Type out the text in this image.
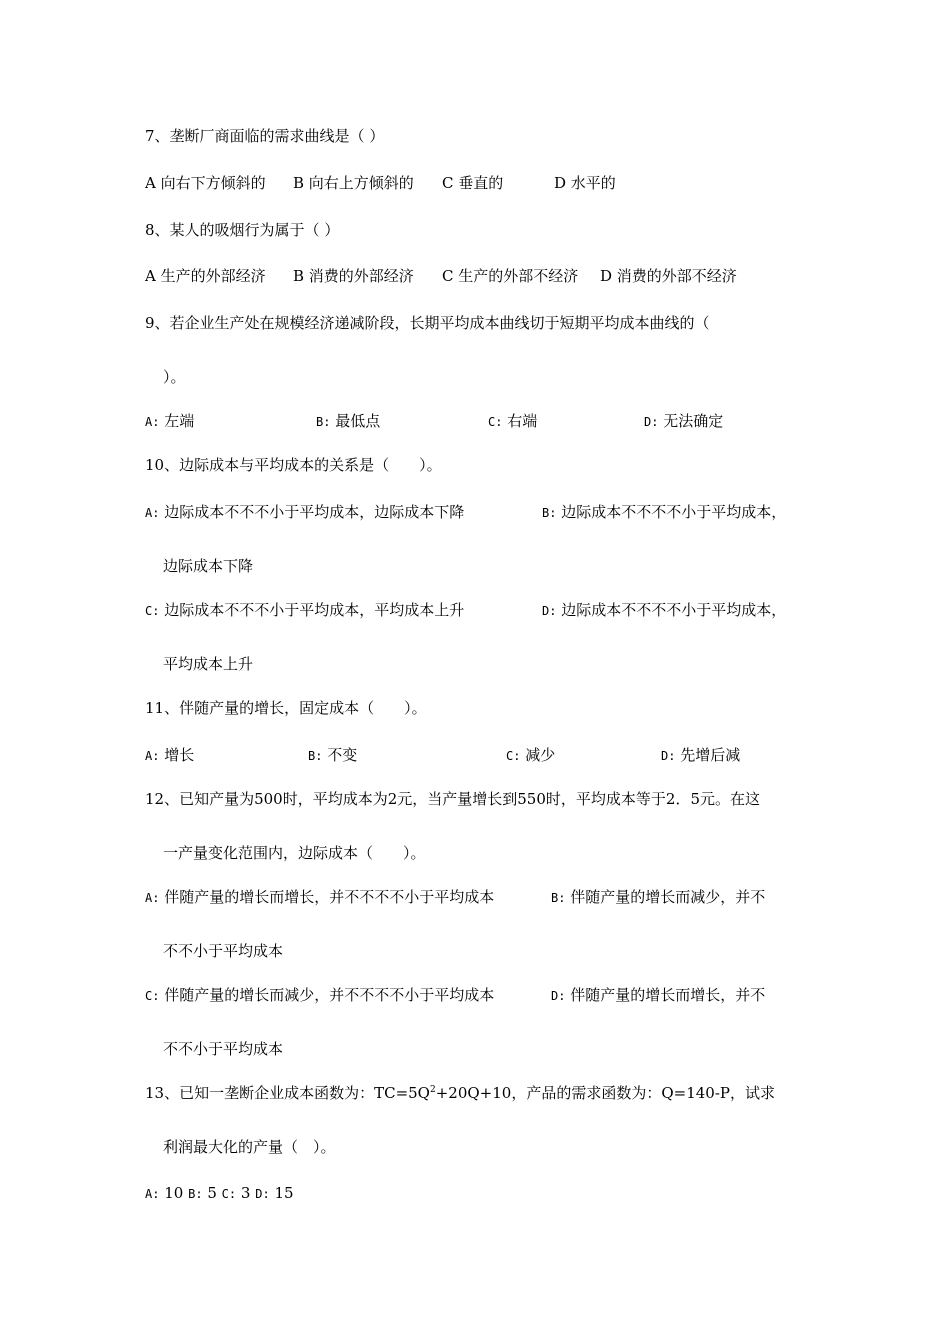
7、垄断厂商面临的需求曲线是（ ）
A 向右下方倾斜的 B 向右上方倾斜的 C 垂直的	D 水平的
8、某人的吸烟行为属于（ ）
A 生产的外部经济 B 消费的外部经济 C 生产的外部不经济 D 消费的外部不经济
9、若企业生产处在规模经济递减阶段，长期平均成本曲线切于短期平均成本曲线的（
）。
A: 左端	B: 最低点	C: 右端	D: 无法确定
10、边际成本与平均成本的关系是（　　）。
A: 边际成本不不不小于平均成本，边际成本下降	B: 边际成本不不不不小于平均成本，
边际成本下降
C: 边际成本不不不小于平均成本，平均成本上升	D: 边际成本不不不不小于平均成本，
平均成本上升
11、伴随产量的增长，固定成本（　　）。
A: 增长	B: 不变	C: 减少	D: 先增后减
12、已知产量为500时，平均成本为2元，当产量增长到550时，平均成本等于2．5元。在这
一产量变化范围内，边际成本（　　）。
A: 伴随产量的增长而增长，并不不不不小于平均成本	B: 伴随产量的增长而减少，并不
不不小于平均成本
C: 伴随产量的增长而减少，并不不不不小于平均成本	D: 伴随产量的增长而增长，并不
不不小于平均成本
13、已知一垄断企业成本函数为：$TC=5Q^2+20Q+10$，产品的需求函数为：Q=140-P，试求
利润最大化的产量（　）。
A: 10 B: 5 C: 3 D: 15
